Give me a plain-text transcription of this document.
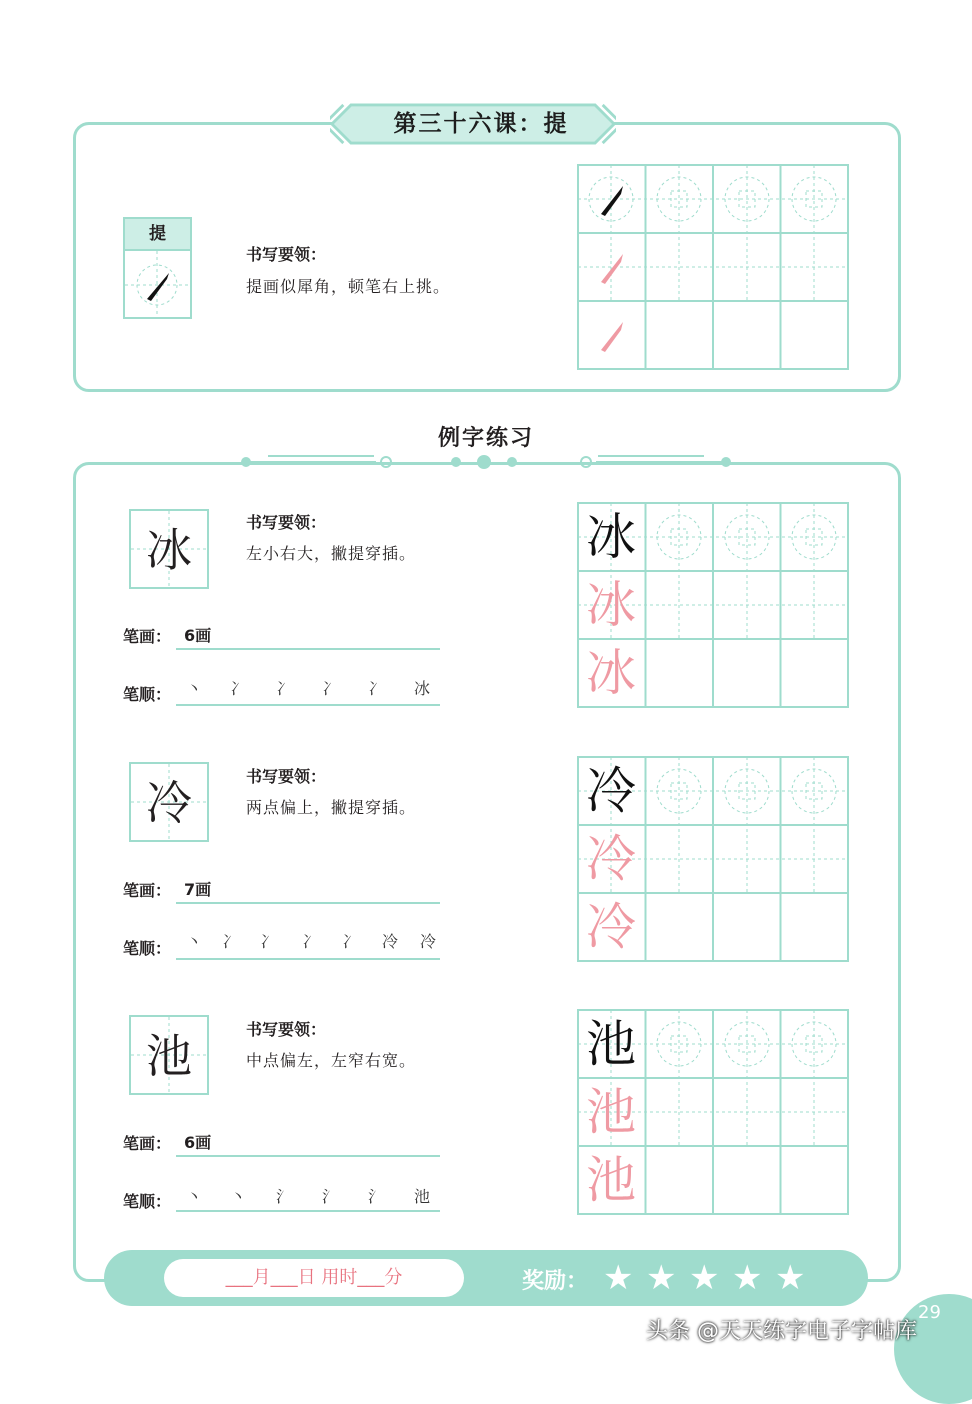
第三十六课：提
提
书写要领：
提画似犀角，顿笔右上挑。
例字练习
冰
书写要领：
左小右大，撇提穿插。
笔画： 6画
笔顺： 丶 冫 冫 冫 冫 冰
冷	书写要领：
两点偏上，撇提穿插。
笔画： 7画
笔顺： 丶 冫 冫 冫 冫 冷 冷
池	书写要领：
中点偏左，左窄右宽。
笔画： 6画
笔顺： 丶 丶 氵 氵 氵 池
冰
冰
冰
冷
冷
冷
池
池
池
___月___日 用时___分	奖励： ★ ★ ★ ★ ★
29
头条 @天天练字电子字帖库
